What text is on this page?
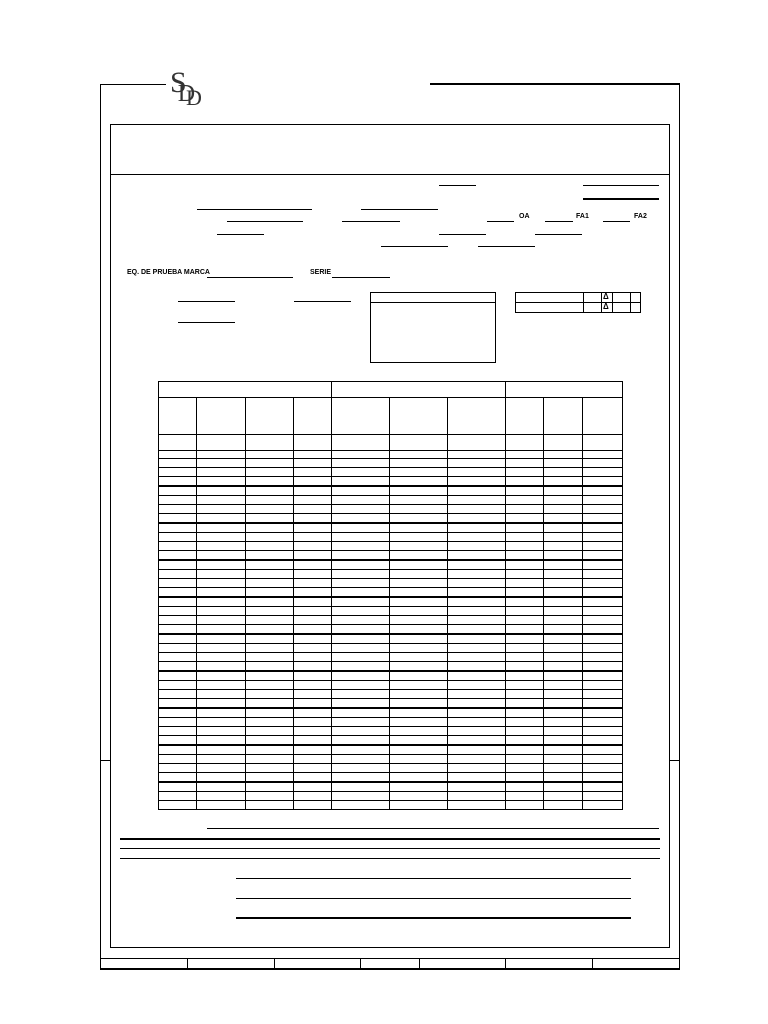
SDD
OA	FA1	FA2
EQ. DE PRUEBA MARCA	SERIE
Δ
Δ
